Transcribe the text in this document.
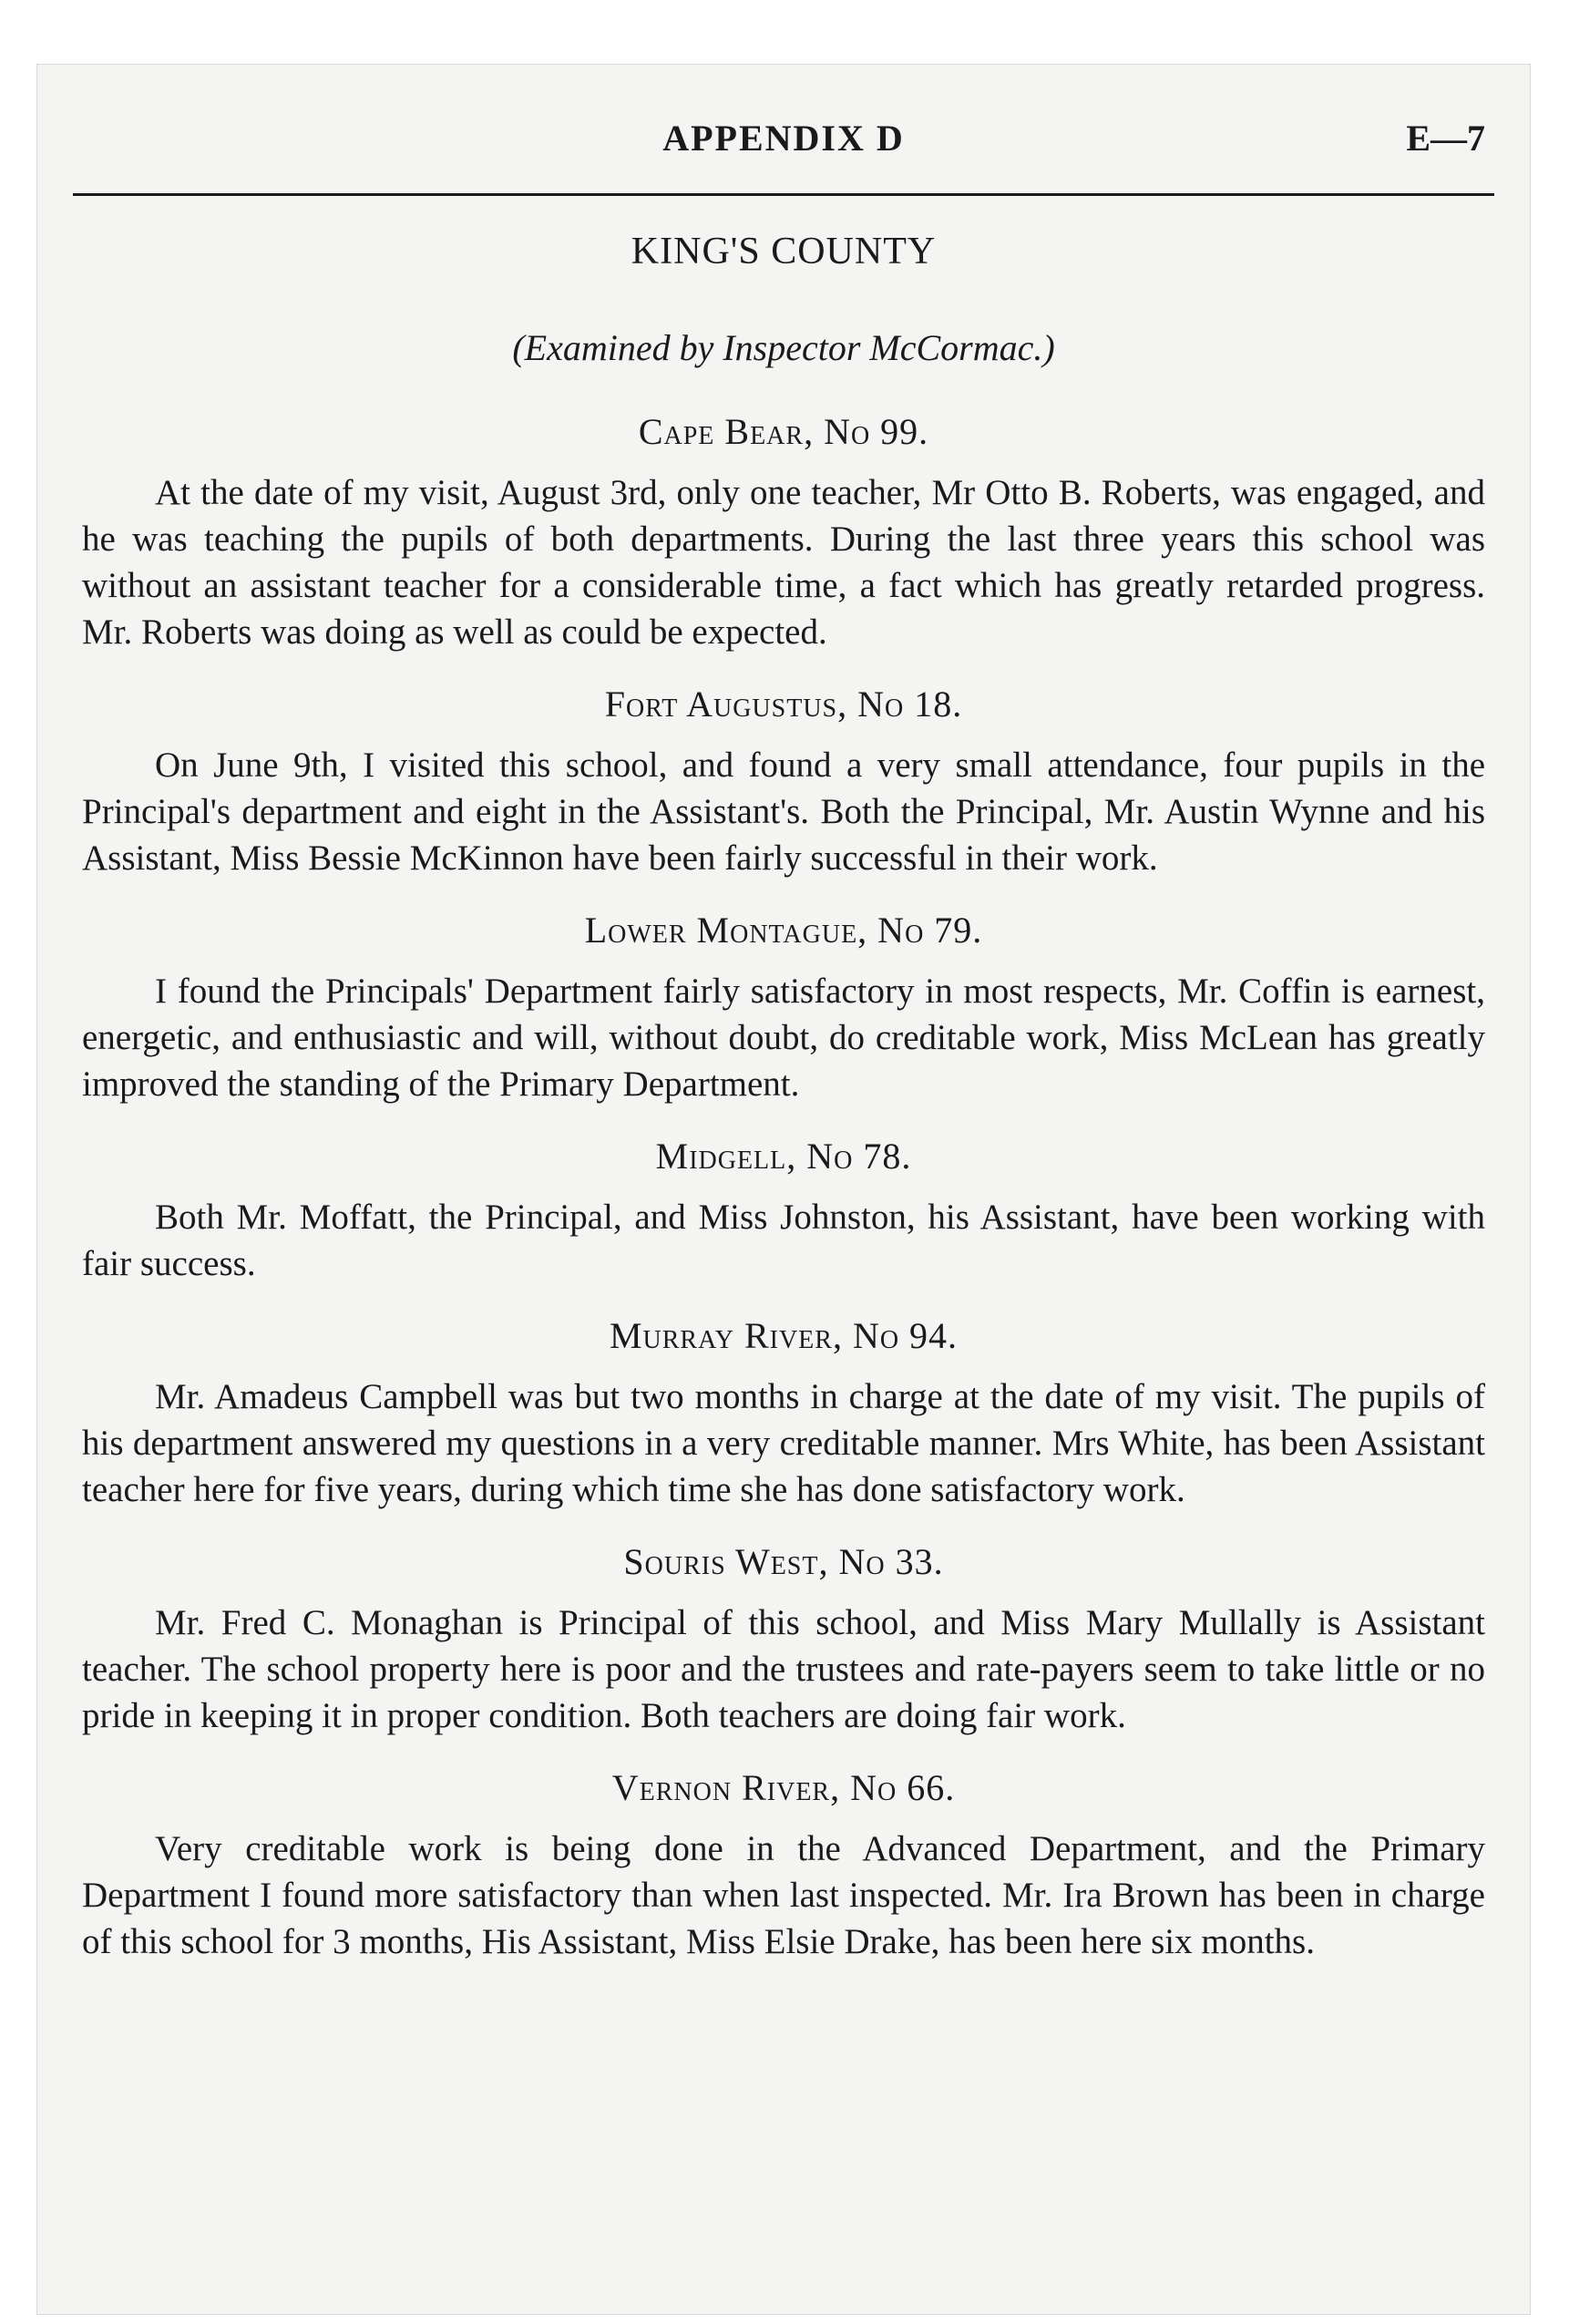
APPENDIX D	E—7
KING'S COUNTY
(Examined by Inspector McCormac.)
Cape Bear, No 99.

At the date of my visit, August 3rd, only one teacher, Mr Otto B. Roberts, was engaged, and he was teaching the pupils of both departments. During the last three years this school was without an assistant teacher for a considerable time, a fact which has greatly retarded progress. Mr. Roberts was doing as well as could be expected.

Fort Augustus, No 18.

On June 9th, I visited this school, and found a very small attendance, four pupils in the Principal's department and eight in the Assistant's. Both the Principal, Mr. Austin Wynne and his Assistant, Miss Bessie McKinnon have been fairly successful in their work.

Lower Montague, No 79.

I found the Principals' Department fairly satisfactory in most respects, Mr. Coffin is earnest, energetic, and enthusiastic and will, without doubt, do creditable work, Miss McLean has greatly improved the standing of the Primary Department.

Midgell, No 78.

Both Mr. Moffatt, the Principal, and Miss Johnston, his Assistant, have been working with fair success.

Murray River, No 94.

Mr. Amadeus Campbell was but two months in charge at the date of my visit. The pupils of his department answered my questions in a very creditable manner. Mrs White, has been Assistant teacher here for five years, during which time she has done satisfactory work.

Souris West, No 33.

Mr. Fred C. Monaghan is Principal of this school, and Miss Mary Mullally is Assistant teacher. The school property here is poor and the trustees and rate-payers seem to take little or no pride in keeping it in proper condition. Both teachers are doing fair work.

Vernon River, No 66.

Very creditable work is being done in the Advanced Department, and the Primary Department I found more satisfactory than when last inspected. Mr. Ira Brown has been in charge of this school for 3 months, His Assistant, Miss Elsie Drake, has been here six months.
